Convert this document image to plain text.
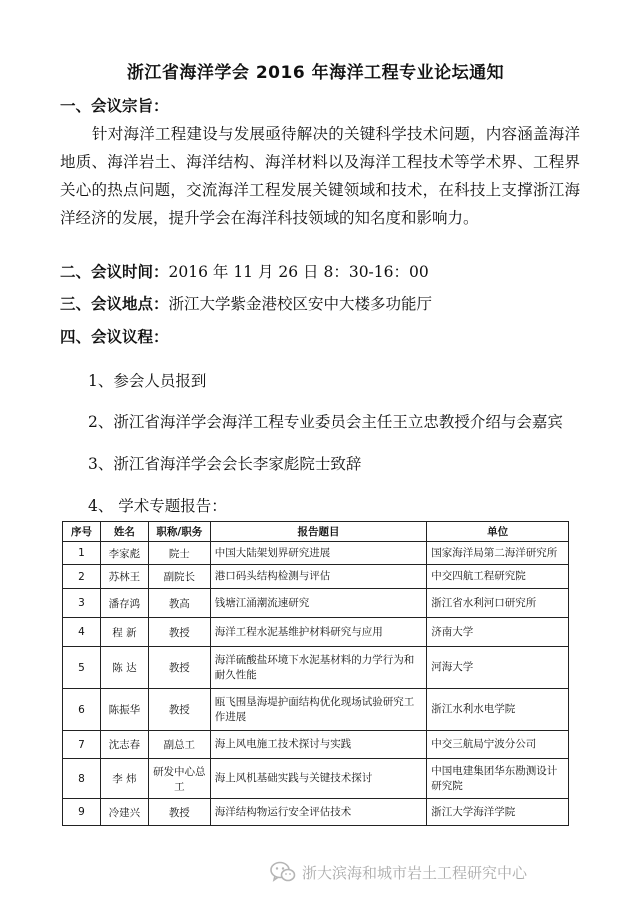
浙江省海洋学会 2016 年海洋工程专业论坛通知
一、会议宗旨：
针对海洋工程建设与发展亟待解决的关键科学技术问题，内容涵盖海洋地质、海洋岩土、海洋结构、海洋材料以及海洋工程技术等学术界、工程界关心的热点问题，交流海洋工程发展关键领域和技术，在科技上支撑浙江海洋经济的发展，提升学会在海洋科技领域的知名度和影响力。
二、会议时间：2016 年 11 月 26 日 8：30-16：00
三、会议地点：浙江大学紫金港校区安中大楼多功能厅
四、会议议程：
1、参会人员报到
2、浙江省海洋学会海洋工程专业委员会主任王立忠教授介绍与会嘉宾
3、浙江省海洋学会会长李家彪院士致辞
4、 学术专题报告：
序号	姓名	职称/职务	报告题目	单位
1	李家彪	院士	中国大陆架划界研究进展	国家海洋局第二海洋研究所
2	苏林王	副院长	港口码头结构检测与评估	中交四航工程研究院
3	潘存鸿	教高	钱塘江涌潮流速研究	浙江省水利河口研究所
4	程 新	教授	海洋工程水泥基维护材料研究与应用	济南大学
5	陈 达	教授	海洋硫酸盐环境下水泥基材料的力学行为和耐久性能	河海大学
6	陈振华	教授	瓯飞围垦海堤护面结构优化现场试验研究工作进展	浙江水利水电学院
7	沈志春	副总工	海上风电施工技术探讨与实践	中交三航局宁波分公司
8	李 炜	研发中心总工	海上风机基础实践与关键技术探讨	中国电建集团华东勘测设计研究院
9	冷建兴	教授	海洋结构物运行安全评估技术	浙江大学海洋学院
浙大滨海和城市岩土工程研究中心
